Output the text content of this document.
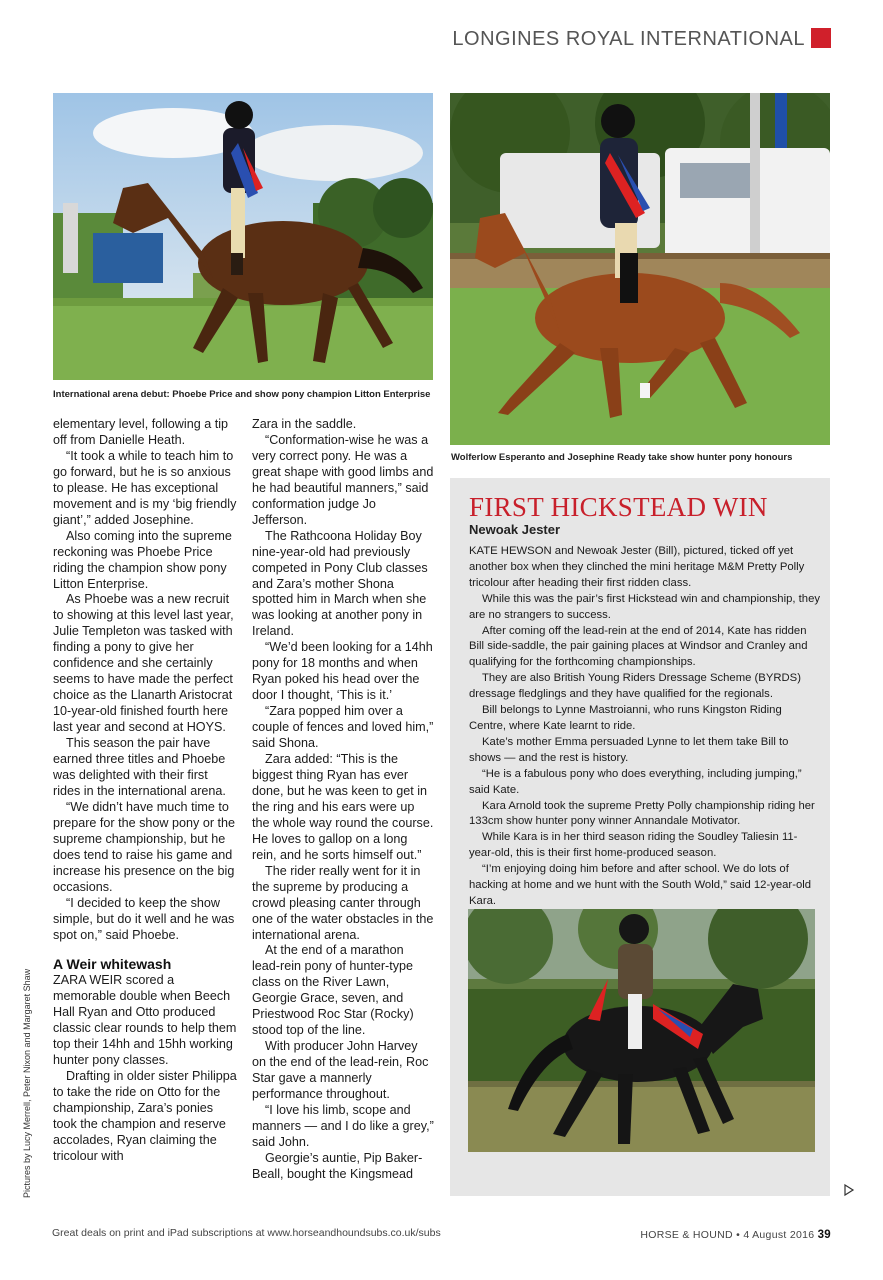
LONGINES ROYAL INTERNATIONAL
International arena debut: Phoebe Price and show pony champion Litton Enterprise
Wolferlow Esperanto and Josephine Ready take show hunter pony honours

elementary level, following a tip off from Danielle Heath.

“It took a while to teach him to go forward, but he is so anxious to please. He has exceptional movement and is my ‘big friendly giant’,” added Josephine.

Also coming into the supreme reckoning was Phoebe Price riding the champion show pony Litton Enterprise.

As Phoebe was a new recruit to showing at this level last year, Julie Templeton was tasked with finding a pony to give her confidence and she certainly seems to have made the perfect choice as the Llanarth Aristocrat 10-year-old finished fourth here last year and second at HOYS.

This season the pair have earned three titles and Phoebe was delighted with their first rides in the international arena.

“We didn’t have much time to prepare for the show pony or the supreme championship, but he does tend to raise his game and increase his presence on the big occasions.

“I decided to keep the show simple, but do it well and he was spot on,” said Phoebe.

A Weir whitewash

ZARA WEIR scored a memorable double when Beech Hall Ryan and Otto produced classic clear rounds to help them top their 14hh and 15hh working hunter pony classes.

Drafting in older sister Philippa to take the ride on Otto for the championship, Zara’s ponies took the champion and reserve accolades, Ryan claiming the tricolour with

Zara in the saddle.

“Conformation-wise he was a very correct pony. He was a great shape with good limbs and he had beautiful manners,” said conformation judge Jo Jefferson.

The Rathcoona Holiday Boy nine-year-old had previously competed in Pony Club classes and Zara’s mother Shona spotted him in March when she was looking at another pony in Ireland.

“We’d been looking for a 14hh pony for 18 months and when Ryan poked his head over the door I thought, ‘This is it.’

“Zara popped him over a couple of fences and loved him,” said Shona.

Zara added: “This is the biggest thing Ryan has ever done, but he was keen to get in the ring and his ears were up the whole way round the course. He loves to gallop on a long rein, and he sorts himself out.”

The rider really went for it in the supreme by producing a crowd pleasing canter through one of the water obstacles in the international arena.

At the end of a marathon lead-rein pony of hunter-type class on the River Lawn, Georgie Grace, seven, and Priestwood Roc Star (Rocky) stood top of the line.

With producer John Harvey on the end of the lead-rein, Roc Star gave a mannerly performance throughout.

“I love his limb, scope and manners — and I do like a grey,” said John.

Georgie’s auntie, Pip Baker-Beall, bought the Kingsmead

FIRST HICKSTEAD WIN
Newoak Jester

KATE HEWSON and Newoak Jester (Bill), pictured, ticked off yet another box when they clinched the mini heritage M&M Pretty Polly tricolour after heading their first ridden class.

While this was the pair’s first Hickstead win and championship, they are no strangers to success.

After coming off the lead-rein at the end of 2014, Kate has ridden Bill side-saddle, the pair gaining places at Windsor and Cranley and qualifying for the forthcoming championships.

They are also British Young Riders Dressage Scheme (BYRDS) dressage fledglings and they have qualified for the regionals.

Bill belongs to Lynne Mastroianni, who runs Kingston Riding Centre, where Kate learnt to ride.

Kate’s mother Emma persuaded Lynne to let them take Bill to shows — and the rest is history.

“He is a fabulous pony who does everything, including jumping,” said Kate.

Kara Arnold took the supreme Pretty Polly championship riding her 133cm show hunter pony winner Annandale Motivator.

While Kara is in her third season riding the Soudley Taliesin 11-year-old, this is their first home-produced season.

“I’m enjoying doing him before and after school. We do lots of hacking at home and we hunt with the South Wold,” said 12-year-old Kara.

Pictures by Lucy Merrell, Peter Nixon and Margaret Shaw
Great deals on print and iPad subscriptions at www.horseandhoundsubs.co.uk/subs	HORSE & HOUND • 4 August 2016 39
